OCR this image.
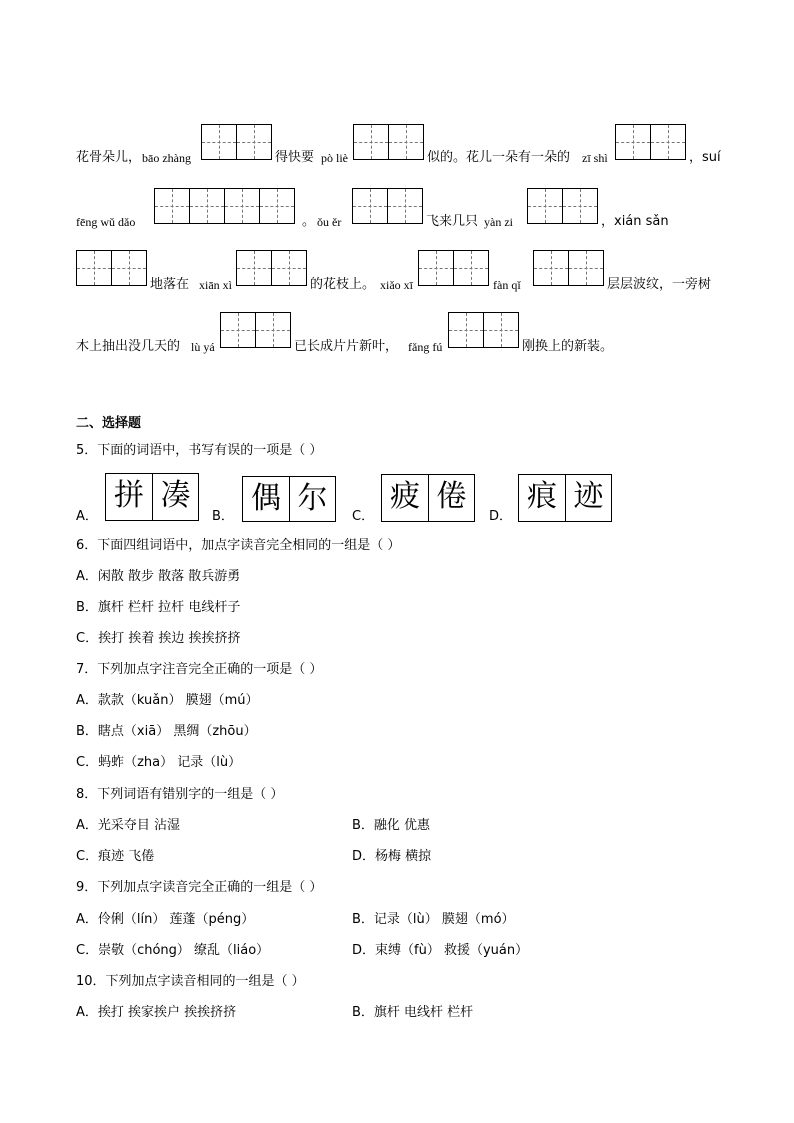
花骨朵儿， bāo zhàng	得快要 pò liè	似的。花儿一朵有一朵的 zī shì	，suí
fēng wǔ dǎo	。 ǒu ěr	飞来几只 yàn zi	，xián sǎn
地落在 xiān xì	的花枝上。 xiǎo xī	fàn qǐ	层层波纹，一旁树
木上抽出没几天的 lù yá	已长成片片新叶， fǎng fú	刚换上的新装。
二、选择题
5．下面的词语中，书写有误的一项是（ ）
A．
拼 凑
B．
偶 尔
C．
疲 倦
D．
痕 迹
6．下面四组词语中，加点字读音完全相同的一组是（ ）
A．闲散 散步 散落 散兵游勇
B．旗杆 栏杆 拉杆 电线杆子
C．挨打 挨着 挨边 挨挨挤挤
7．下列加点字注音完全正确的一项是（ ）
A．款款（kuǎn） 膜翅（mú）
B．瞎点（xiā） 黑绸（zhōu）
C．蚂蚱（zha） 记录（lù）
8．下列词语有错别字的一组是（ ）
A．光采夺目 沾湿	B．融化 优惠
C．痕迹 飞倦	D．杨梅 横掠
9．下列加点字读音完全正确的一组是（ ）
A．伶俐（lín） 莲蓬（péng）	B．记录（lù） 膜翅（mó）
C．崇敬（chóng） 缭乱（liáo）	D．束缚（fù） 救援（yuán）
10．下列加点字读音相同的一组是（ ）
A．挨打 挨家挨户 挨挨挤挤	B．旗杆 电线杆 栏杆
